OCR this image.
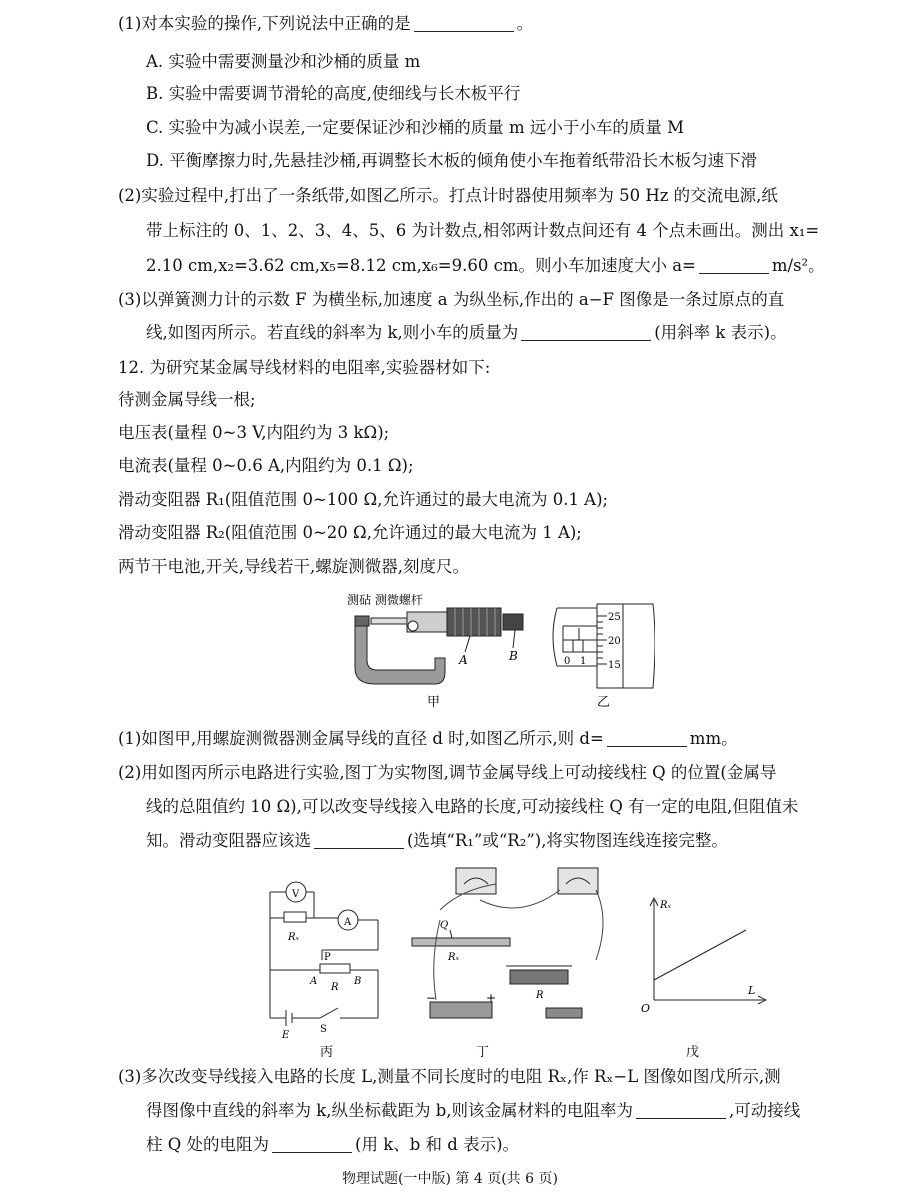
(1)对本实验的操作,下列说法中正确的是	。
A. 实验中需要测量沙和沙桶的质量 m
B. 实验中需要调节滑轮的高度,使细线与长木板平行
C. 实验中为减小误差,一定要保证沙和沙桶的质量 m 远小于小车的质量 M
D. 平衡摩擦力时,先悬挂沙桶,再调整长木板的倾角使小车拖着纸带沿长木板匀速下滑
(2)实验过程中,打出了一条纸带,如图乙所示。打点计时器使用频率为 50 Hz 的交流电源,纸
带上标注的 0、1、2、3、4、5、6 为计数点,相邻两计数点间还有 4 个点未画出。测出 x₁=
2.10 cm,x₂=3.62 cm,x₅=8.12 cm,x₆=9.60 cm。则小车加速度大小 a=	m/s²。
(3)以弹簧测力计的示数 F 为横坐标,加速度 a 为纵坐标,作出的 a−F 图像是一条过原点的直
线,如图丙所示。若直线的斜率为 k,则小车的质量为	(用斜率 k 表示)。
12. 为研究某金属导线材料的电阻率,实验器材如下:
待测金属导线一根;
电压表(量程 0~3 V,内阻约为 3 kΩ);
电流表(量程 0~0.6 A,内阻约为 0.1 Ω);
滑动变阻器 R₁(阻值范围 0~100 Ω,允许通过的最大电流为 0.1 A);
滑动变阻器 R₂(阻值范围 0~20 Ω,允许通过的最大电流为 1 A);
两节干电池,开关,导线若干,螺旋测微器,刻度尺。
测砧 测微螺杆
A	B
甲
25
20
15
0 1
乙
(1)如图甲,用螺旋测微器测金属导线的直径 d 时,如图乙所示,则 d=	mm。
(2)用如图丙所示电路进行实验,图丁为实物图,调节金属导线上可动接线柱 Q 的位置(金属导
线的总阻值约 10 Ω),可以改变导线接入电路的长度,可动接线柱 Q 有一定的电阻,但阻值未
知。滑动变阻器应该选	(选填“R₁”或“R₂”),将实物图连线连接完整。
V
A
Rₓ
P
R
A	B
E
S
丙
Q
Rₓ
R
+
−
丁
Rₓ
L
O
戊
(3)多次改变导线接入电路的长度 L,测量不同长度时的电阻 Rₓ,作 Rₓ−L 图像如图戊所示,测
得图像中直线的斜率为 k,纵坐标截距为 b,则该金属材料的电阻率为	,可动接线
柱 Q 处的电阻为	(用 k、b 和 d 表示)。
物理试题(一中版) 第 4 页(共 6 页)
